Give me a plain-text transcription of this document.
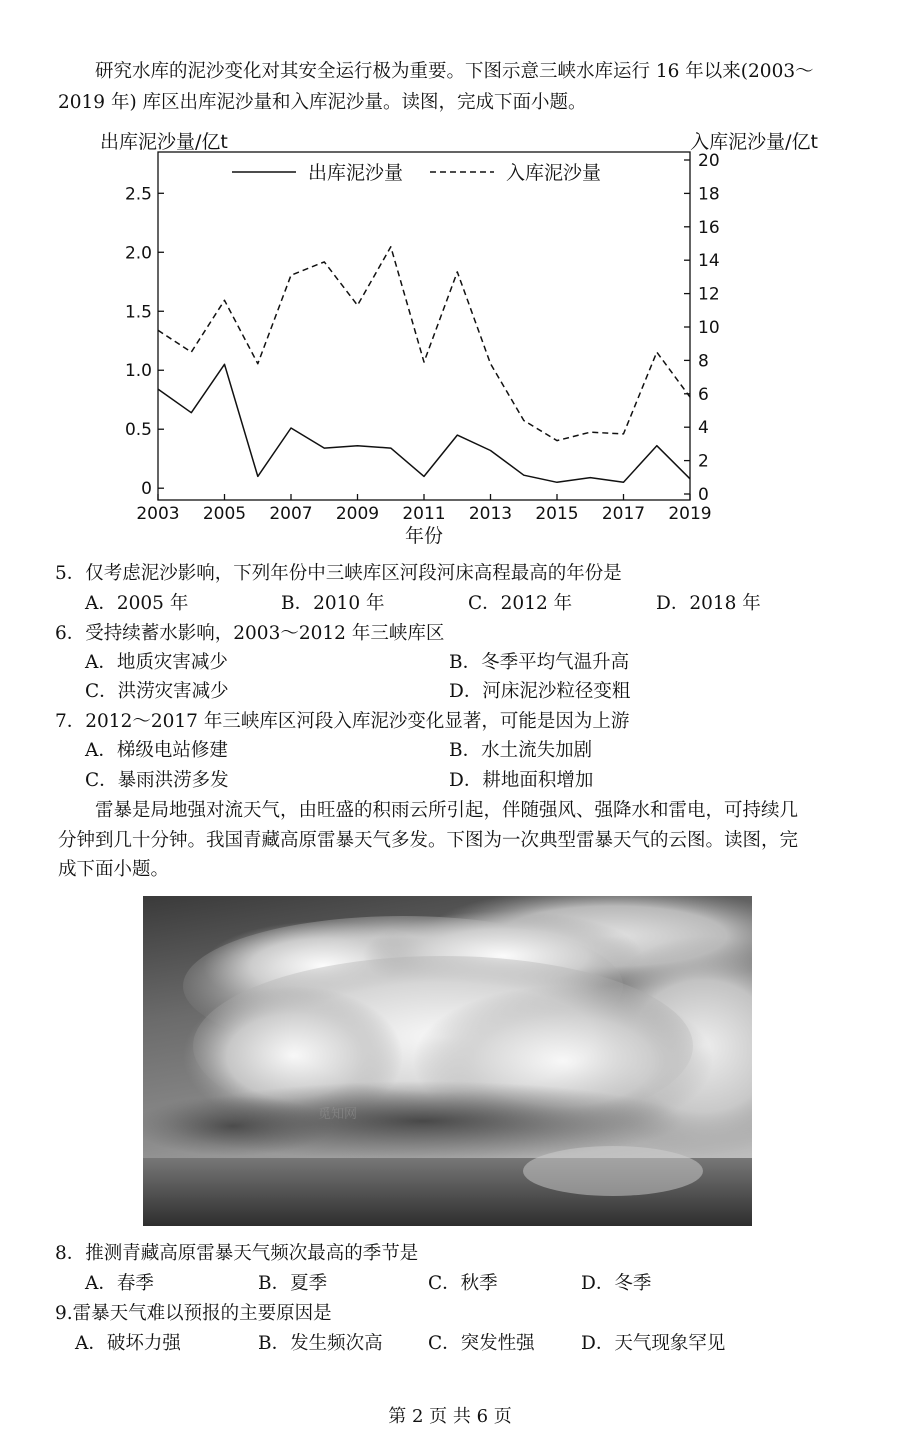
研究水库的泥沙变化对其安全运行极为重要。下图示意三峡水库运行 16 年以来(2003～
2019 年) 库区出库泥沙量和入库泥沙量。读图，完成下面小题。
出库泥沙量/亿t	入库泥沙量/亿t
年份
0
0.5
1.0
1.5
2.0
2.5
0
2
4
6
8
10
12
14
16
18
20
2003 2005 2007 2009 2011 2013 2015 2017 2019
出库泥沙量	入库泥沙量
5．仅考虑泥沙影响，下列年份中三峡库区河段河床高程最高的年份是
A．2005 年	B．2010 年	C．2012 年	D．2018 年
6．受持续蓄水影响，2003～2012 年三峡库区
A．地质灾害减少	B．冬季平均气温升高
C．洪涝灾害减少	D．河床泥沙粒径变粗
7．2012～2017 年三峡库区河段入库泥沙变化显著，可能是因为上游
A．梯级电站修建	B．水土流失加剧
C．暴雨洪涝多发	D．耕地面积增加
雷暴是局地强对流天气，由旺盛的积雨云所引起，伴随强风、强降水和雷电，可持续几
分钟到几十分钟。我国青藏高原雷暴天气多发。下图为一次典型雷暴天气的云图。读图，完
成下面小题。
觅知网
8．推测青藏高原雷暴天气频次最高的季节是
A．春季	B．夏季	C．秋季	D．冬季
9.雷暴天气难以预报的主要原因是
A．破坏力强	B．发生频次高 C．突发性强	D．天气现象罕见
第 2 页 共 6 页
